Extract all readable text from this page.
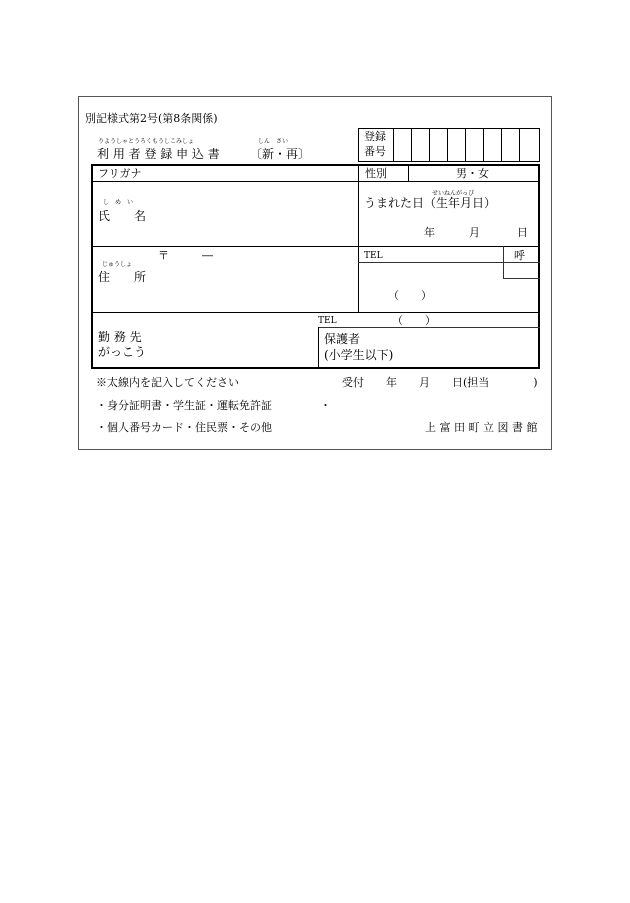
別記様式第2号(第8条関係)
りようしゃとうろくもうしこみしょ
利 用 者 登 録 申 込 書
しん　さい
〔新・再〕
登録
番号
フリガナ	性別	男・女
し　め　い
氏　　名
せいねんがっぴ
うまれた日 （生年月日）
年	月	日
〒	―
じゅうしょ
住　　所
TEL	呼
（　　）
TEL	（　　）
勤 務 先
がっこう
保護者
(小学生以下)
※太線内を記入してください	受付　　年　　月　　日(担当　　　　)
・身分証明書・学生証・運転免許証	・
・個人番号カード・住民票・その他	上 富 田 町 立 図 書 館
